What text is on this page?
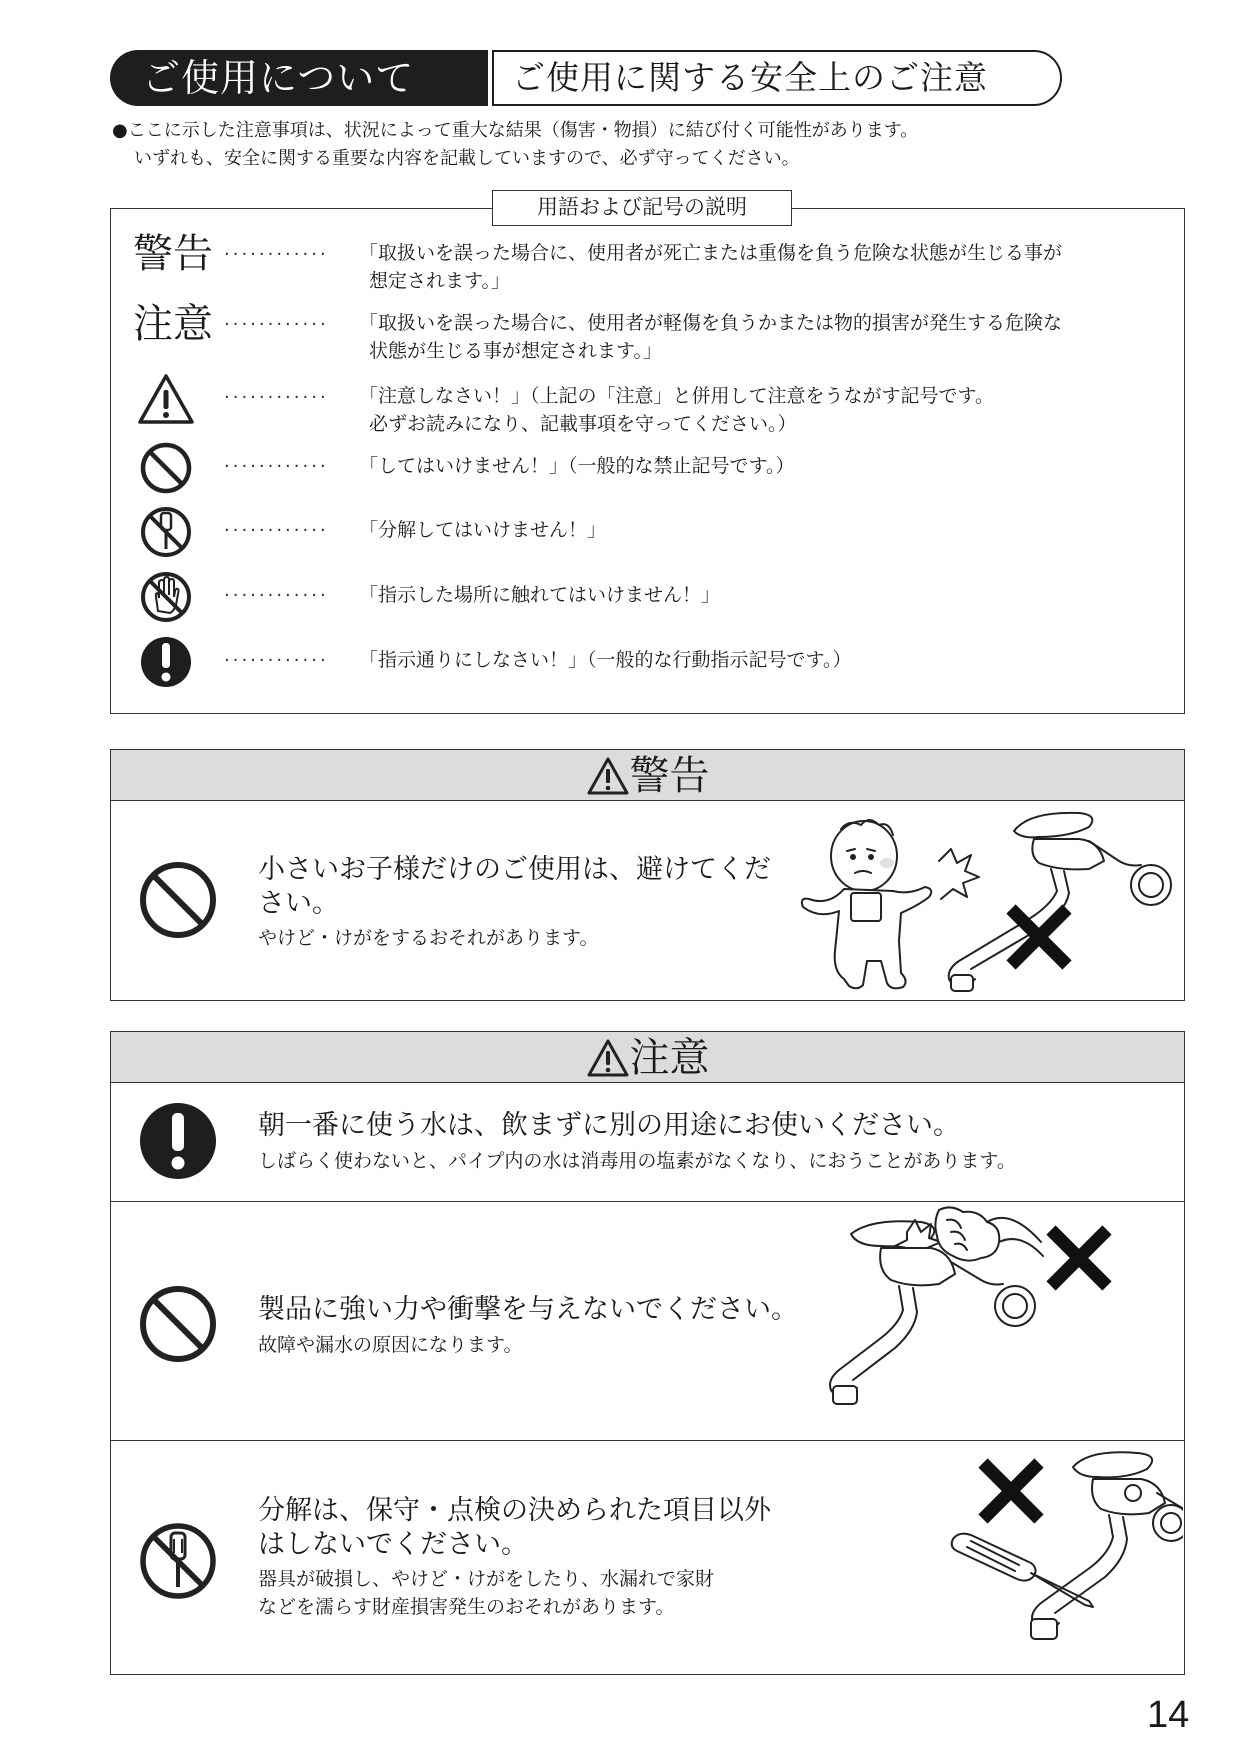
ご使用について	ご使用に関する安全上のご注意
●ここに示した注意事項は、状況によって重大な結果（傷害・物損）に結び付く可能性があります。
いずれも、安全に関する重要な内容を記載していますので、必ず守ってください。
用語および記号の説明
警告 ············ 「取扱いを誤った場合に、使用者が死亡または重傷を負う危険な状態が生じる事が
想定されます。」
注意 ············ 「取扱いを誤った場合に、使用者が軽傷を負うかまたは物的損害が発生する危険な
状態が生じる事が想定されます。」
············ 「注意しなさい！」（上記の「注意」と併用して注意をうながす記号です。
必ずお読みになり、記載事項を守ってください。）
············ 「してはいけません！」（一般的な禁止記号です。）
············ 「分解してはいけません！」
············ 「指示した場所に触れてはいけません！」
············ 「指示通りにしなさい！」（一般的な行動指示記号です。）
警告
小さいお子様だけのご使用は、避けてくだ
さい。
やけど・けがをするおそれがあります。
注意
朝一番に使う水は、飲まずに別の用途にお使いください。
しばらく使わないと、パイプ内の水は消毒用の塩素がなくなり、におうことがあります。
製品に強い力や衝撃を与えないでください。
故障や漏水の原因になります。
分解は、保守・点検の決められた項目以外
はしないでください。
器具が破損し、やけど・けがをしたり、水漏れで家財
などを濡らす財産損害発生のおそれがあります。
14
